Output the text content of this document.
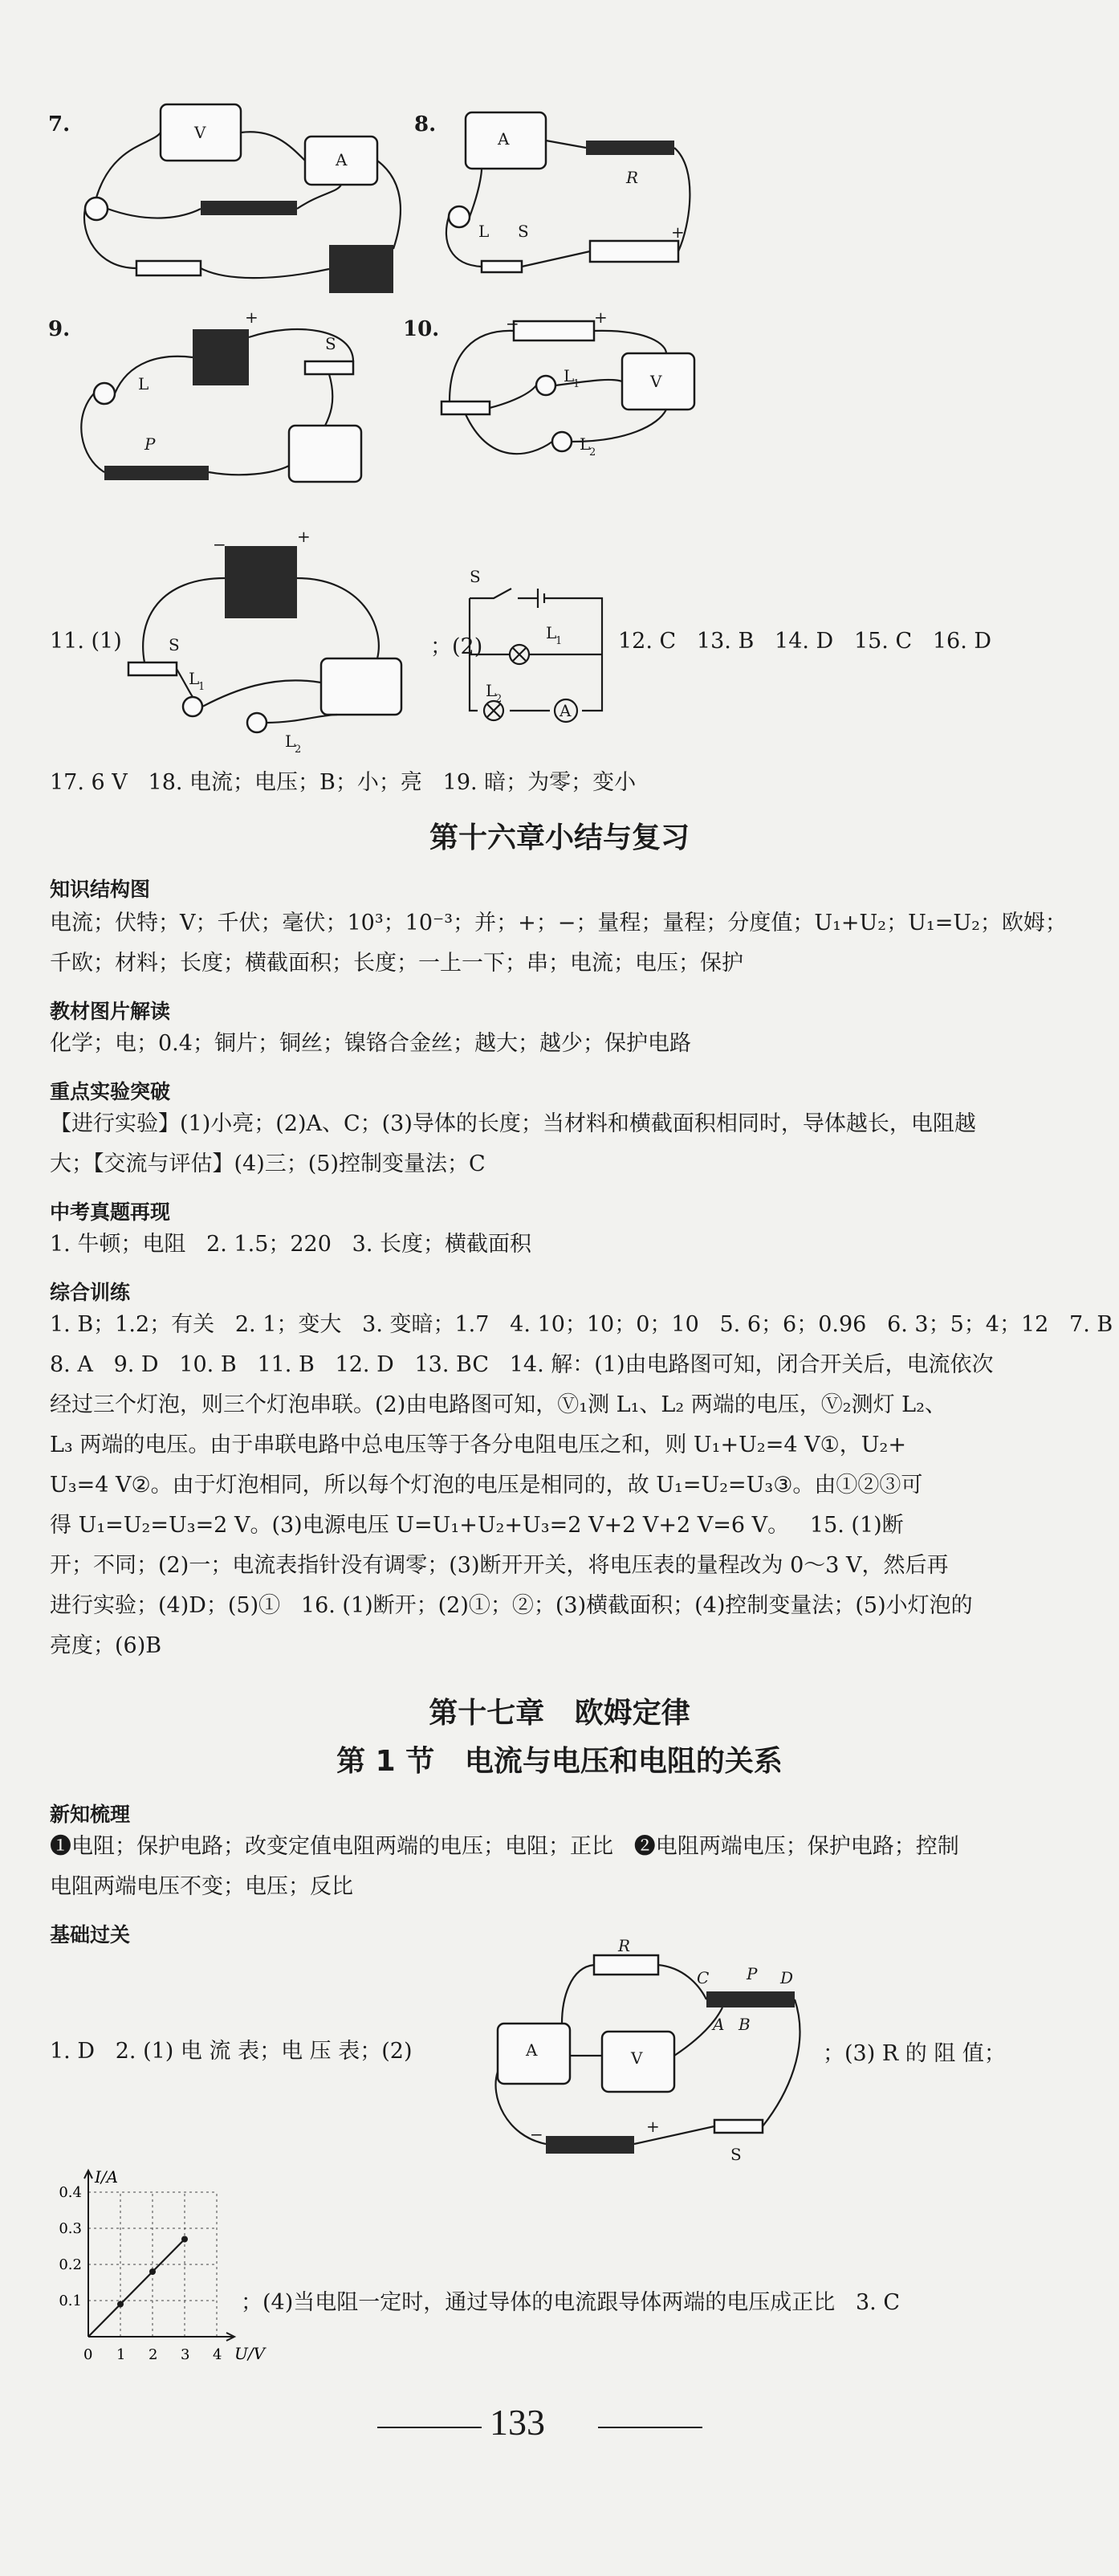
7.	V
A
8.
A
R
L S	+
9.	+
S
L
P
10.	−	+
L
1
L
2
V
−	+
S
L
1
L
2
11. (1)	；(2)
S
L
1
L
2
A
12. C   13. B   14. D   15. C   16. D
17. 6 V   18. 电流；电压；B；小；亮   19. 暗；为零；变小
第十六章小结与复习
知识结构图
电流；伏特；V；千伏；毫伏；10³；10⁻³；并；+；−；量程；量程；分度值；U₁+U₂；U₁=U₂；欧姆；
千欧；材料；长度；横截面积；长度；一上一下；串；电流；电压；保护
教材图片解读
化学；电；0.4；铜片；铜丝；镍铬合金丝；越大；越少；保护电路
重点实验突破
【进行实验】(1)小亮；(2)A、C；(3)导体的长度；当材料和横截面积相同时，导体越长，电阻越
大；【交流与评估】(4)三；(5)控制变量法；C
中考真题再现
1. 牛顿；电阻   2. 1.5；220   3. 长度；横截面积
综合训练
1. B；1.2；有关   2. 1；变大   3. 变暗；1.7   4. 10；10；0；10   5. 6；6；0.96   6. 3；5；4；12   7. B
8. A   9. D   10. B   11. B   12. D   13. BC   14. 解：(1)由电路图可知，闭合开关后，电流依次
经过三个灯泡，则三个灯泡串联。(2)由电路图可知，Ⓥ₁测 L₁、L₂ 两端的电压，Ⓥ₂测灯 L₂、
L₃ 两端的电压。由于串联电路中总电压等于各分电阻电压之和，则 U₁+U₂=4 V①，U₂+
U₃=4 V②。由于灯泡相同，所以每个灯泡的电压是相同的，故 U₁=U₂=U₃③。由①②③可
得 U₁=U₂=U₃=2 V。(3)电源电压 U=U₁+U₂+U₃=2 V+2 V+2 V=6 V。   15. (1)断
开；不同；(2)一；电流表指针没有调零；(3)断开开关，将电压表的量程改为 0～3 V，然后再
进行实验；(4)D；(5)①   16. (1)断开；(2)①；②；(3)横截面积；(4)控制变量法；(5)小灯泡的
亮度；(6)B
第十七章   欧姆定律
第 1 节   电流与电压和电阻的关系
新知梳理
❶电阻；保护电路；改变定值电阻两端的电压；电阻；正比   ❷电阻两端电压；保护电路；控制
电阻两端电压不变；电压；反比
基础过关
1. D   2. (1) 电 流 表；电 压 表；(2)
R
C P D
A B
A	V
−	+
S
；(3) R 的 阻 值；
I/A
U/V
0.4
0.3
0.2
0.1
0 1 2 3 4
；(4)当电阻一定时，通过导体的电流跟导体两端的电压成正比   3. C
133
